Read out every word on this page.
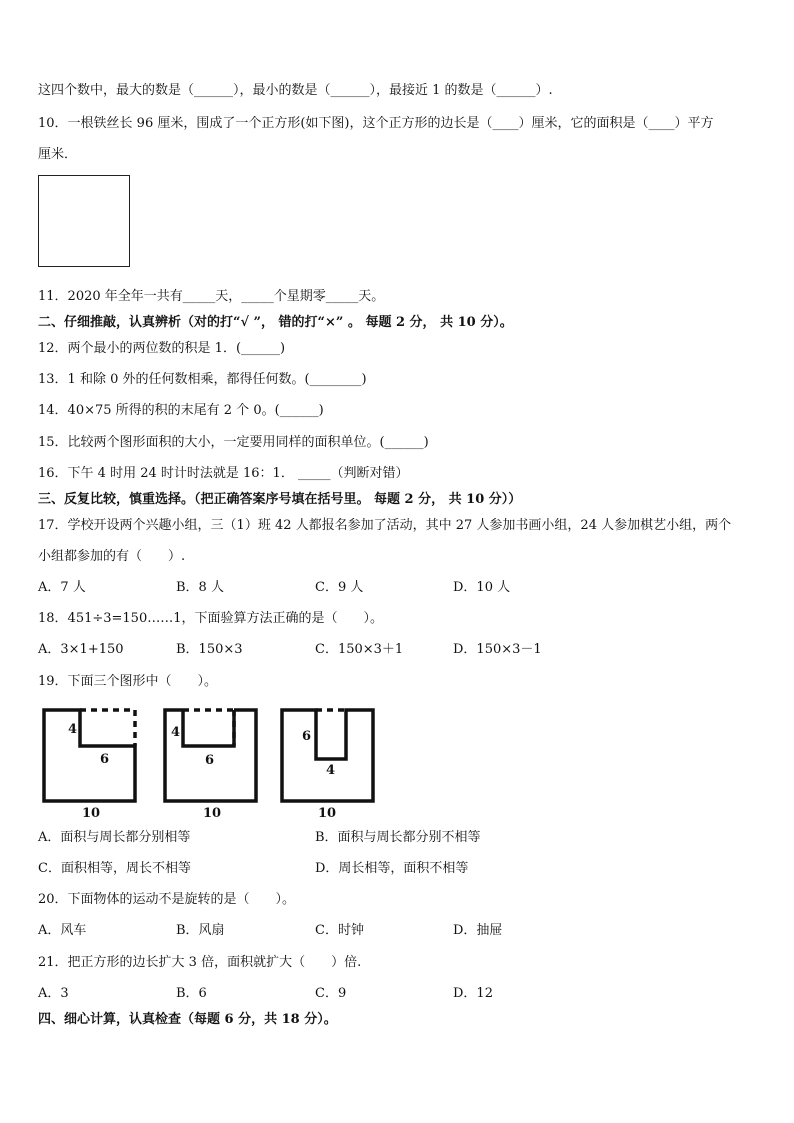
这四个数中，最大的数是（______），最小的数是（______），最接近 1 的数是（______）.
10．一根铁丝长 96 厘米，围成了一个正方形(如下图)，这个正方形的边长是（____）厘米，它的面积是（____）平方
厘米．
11．2020 年全年一共有_____天，_____个星期零_____天。
二、仔细推敲，认真辨析（对的打“√ ”， 错的打“×” 。 每题 2 分， 共 10 分）。
12．两个最小的两位数的积是 1．(______)
13．1 和除 0 外的任何数相乘，都得任何数。(________)
14．40×75 所得的积的末尾有 2 个 0。(______)
15．比较两个图形面积的大小，一定要用同样的面积单位。(______)
16．下午 4 时用 24 时计时法就是 16：1． _____（判断对错）
三、反复比较，慎重选择。（把正确答案序号填在括号里。 每题 2 分， 共 10 分））
17．学校开设两个兴趣小组，三（1）班 42 人都报名参加了活动，其中 27 人参加书画小组，24 人参加棋艺小组，两个
小组都参加的有（　　）.
A．7 人	B．8 人	C．9 人	D．10 人
18．451÷3=150……1，下面验算方法正确的是（　　）。
A．3×1+150	B．150×3	C．150×3＋1	D．150×3－1
19．下面三个图形中（　　）。
4
6
10
4
6
10
6
4
10
A．面积与周长都分别相等	B．面积与周长都分别不相等
C．面积相等，周长不相等	D．周长相等，面积不相等
20．下面物体的运动不是旋转的是（　　）。
A．风车	B．风扇	C．时钟	D．抽屉
21．把正方形的边长扩大 3 倍，面积就扩大（　　）倍.
A．3	B．6	C．9	D．12
四、细心计算，认真检查（每题 6 分，共 18 分）。
